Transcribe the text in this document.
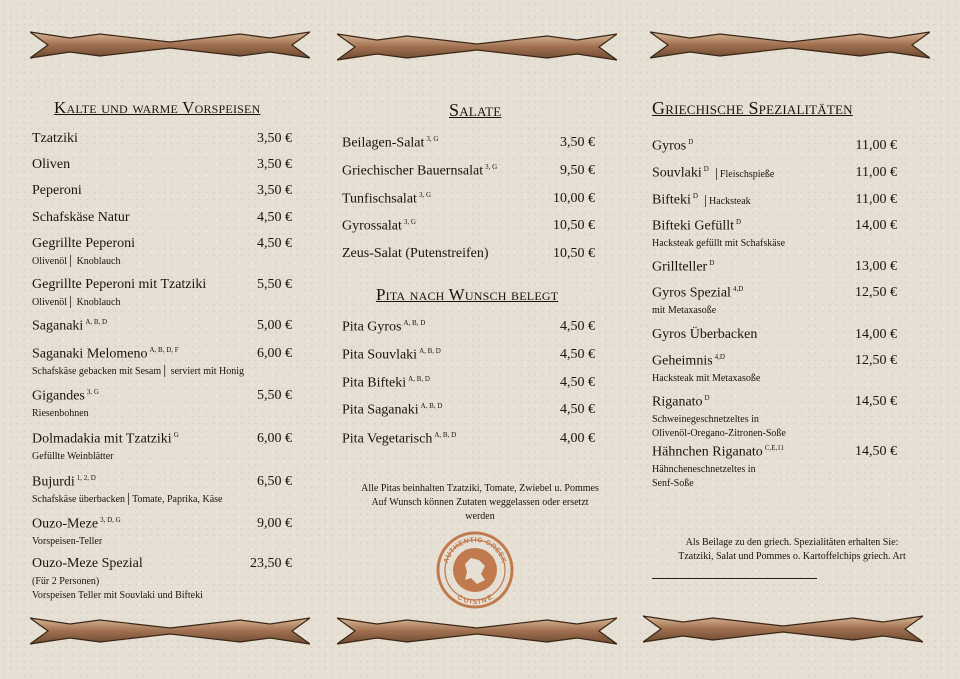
Kalte und warme Vorspeisen
Tzatziki	3,50 €
Oliven	3,50 €
Peperoni	3,50 €
Schafskäse Natur	4,50 €
Gegrillte Peperoni	4,50 €
Olivenöl│ Knoblauch
Gegrillte Peperoni mit Tzatziki	5,50 €
Olivenöl│ Knoblauch
Saganaki $^{A, B, D}$	5,00 €
Saganaki Melomeno $^{A, B, D, F}$	6,00 €
Schafskäse gebacken mit Sesam│ serviert mit Honig
Gigandes $^{3, G}$	5,50 €
Riesenbohnen
Dolmadakia mit Tzatziki $^G$	6,00 €
Gefüllte Weinblätter
Bujurdi $^{1, 2, D}$	6,50 €
Schafskäse überbacken│Tomate, Paprika, Käse
Ouzo-Meze $^{3, D, G}$	9,00 €
Vorspeisen-Teller
Ouzo-Meze Spezial	23,50 €
(Für 2 Personen)
Vorspeisen Teller mit Souvlaki und Bifteki
Salate
Beilagen-Salat $^{3, G}$	3,50 €
Griechischer Bauernsalat $^{3, G}$	9,50 €
Tunfischsalat $^{3, G}$	10,00 €
Gyrossalat $^{3, G}$	10,50 €
Zeus-Salat (Putenstreifen)	10,50 €
Pita nach Wunsch belegt
Pita Gyros $^{A, B, D}$	4,50 €
Pita Souvlaki $^{A, B, D}$	4,50 €
Pita Bifteki $^{A, B, D}$	4,50 €
Pita Saganaki $^{A, B, D}$	4,50 €
Pita Vegetarisch $^{A, B, D}$	4,00 €
Alle Pitas beinhalten Tzatziki, Tomate, Zwiebel u. Pommes
Auf Wunsch können Zutaten weggelassen oder ersetzt
werden
AUTHENTIC GREEK
CUISINE
Griechische Spezialitäten
Gyros $^D$	11,00 €
Souvlaki $^D$ │Fleischspieße	11,00 €
Bifteki $^D$ │Hacksteak	11,00 €
Bifteki Gefüllt $^D$	14,00 €
Hacksteak gefüllt mit Schafskäse
Grillteller $^D$	13,00 €
Gyros Spezial $^{4,D}$	12,50 €
mit Metaxasoße
Gyros Überbacken	14,00 €
Geheimnis $^{4,D}$	12,50 €
Hacksteak mit Metaxasoße
Riganato $^D$	14,50 €
Schweinegeschnetzeltes in
Olivenöl-Oregano-Zitronen-Soße
Hähnchen Riganato $^{C,E,11}$	14,50 €
Hähncheneschnetzeltes in
Senf-Soße
Als Beilage zu den griech. Spezialitäten erhalten Sie:
Tzatziki, Salat und Pommes o. Kartoffelchips griech. Art
